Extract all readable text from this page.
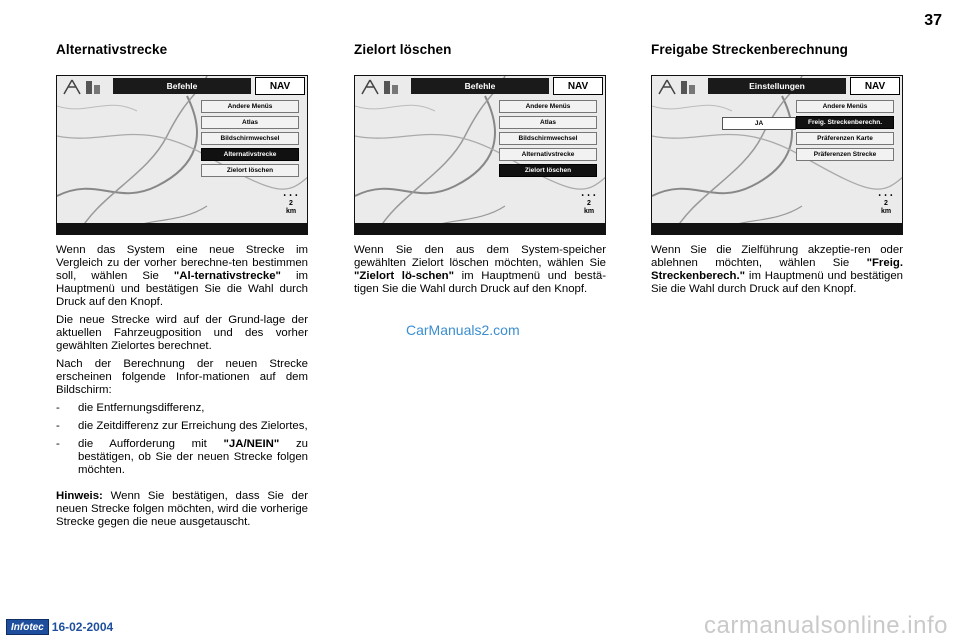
37
Alternativstrecke
Befehle	NAV
Andere Menüs
Atlas
Bildschirmwechsel
Alternativstrecke
Zielort löschen
• • •
2
km

Wenn das System eine neue Strecke im Vergleich zu der vorher berechne-ten bestimmen soll, wählen Sie "Al-ternativstrecke" im Hauptmenü und bestätigen Sie die Wahl durch Druck auf den Knopf.

Die neue Strecke wird auf der Grund-lage der aktuellen Fahrzeugposition und des vorher gewählten Zielortes berechnet.

Nach der Berechnung der neuen Strecke erscheinen folgende Infor-mationen auf dem Bildschirm:

- die Entfernungsdifferenz,
- die Zeitdifferenz zur Erreichung des Zielortes,
- die Aufforderung mit "JA/NEIN" zu bestätigen, ob Sie der neuen Strecke folgen möchten.

Hinweis: Wenn Sie bestätigen, dass Sie der neuen Strecke folgen möchten, wird die vorherige Strecke gegen die neue ausgetauscht.

Zielort löschen
Befehle	NAV
Andere Menüs
Atlas
Bildschirmwechsel
Alternativstrecke
Zielort löschen
• • •
2
km

Wenn Sie den aus dem System-speicher gewählten Zielort löschen möchten, wählen Sie "Zielort lö-schen" im Hauptmenü und bestä-tigen Sie die Wahl durch Druck auf den Knopf.

Freigabe Streckenberechnung
Einstellungen	NAV
JA
Andere Menüs
Freig. Streckenberechn.
Präferenzen Karte
Präferenzen Strecke
• • •
2
km

Wenn Sie die Zielführung akzeptie-ren oder ablehnen möchten, wählen Sie "Freig. Streckenberech." im Hauptmenü und bestätigen Sie die Wahl durch Druck auf den Knopf.

CarManuals2.com
Infotec 16-02-2004	carmanualsonline.info
